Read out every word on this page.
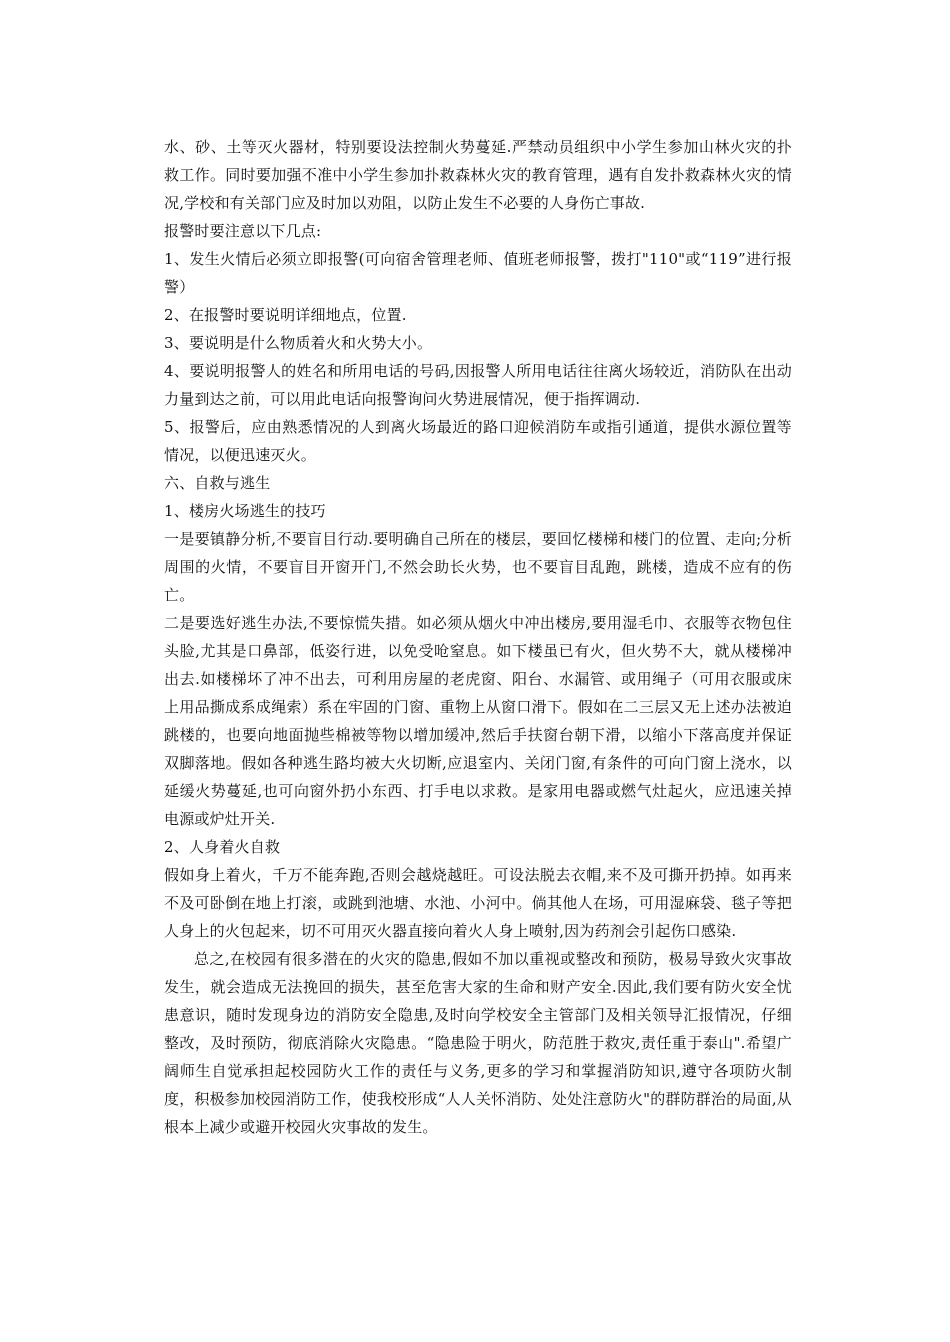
水、砂、土等灭火器材，特别要设法控制火势蔓延.严禁动员组织中小学生参加山林火灾的扑救工作。同时要加强不准中小学生参加扑救森林火灾的教育管理，遇有自发扑救森林火灾的情况,学校和有关部门应及时加以劝阻，以防止发生不必要的人身伤亡事故.

报警时要注意以下几点:

1、发生火情后必须立即报警(可向宿舍管理老师、值班老师报警，拨打"110"或“119”进行报警）

2、在报警时要说明详细地点，位置.

3、要说明是什么物质着火和火势大小。

4、要说明报警人的姓名和所用电话的号码,因报警人所用电话往往离火场较近，消防队在出动力量到达之前，可以用此电话向报警询问火势进展情况，便于指挥调动.

5、报警后，应由熟悉情况的人到离火场最近的路口迎候消防车或指引通道，提供水源位置等情况，以便迅速灭火。

六、自救与逃生

1、楼房火场逃生的技巧

一是要镇静分析,不要盲目行动.要明确自己所在的楼层，要回忆楼梯和楼门的位置、走向;分析周围的火情，不要盲目开窗开门,不然会助长火势，也不要盲目乱跑，跳楼，造成不应有的伤亡。

二是要选好逃生办法,不要惊慌失措。如必须从烟火中冲出楼房,要用湿毛巾、衣服等衣物包住头脸,尤其是口鼻部，低姿行进，以免受呛窒息。如下楼虽已有火，但火势不大，就从楼梯冲出去.如楼梯坏了冲不出去，可利用房屋的老虎窗、阳台、水漏管、或用绳子（可用衣服或床上用品撕成系成绳索）系在牢固的门窗、重物上从窗口滑下。假如在二三层又无上述办法被迫跳楼的，也要向地面抛些棉被等物以增加缓冲,然后手扶窗台朝下滑，以缩小下落高度并保证双脚落地。假如各种逃生路均被大火切断,应退室内、关闭门窗,有条件的可向门窗上浇水，以延缓火势蔓延,也可向窗外扔小东西、打手电以求救。是家用电器或燃气灶起火，应迅速关掉电源或炉灶开关.

2、人身着火自救

假如身上着火，千万不能奔跑,否则会越烧越旺。可设法脱去衣帽,来不及可撕开扔掉。如再来不及可卧倒在地上打滚，或跳到池塘、水池、小河中。倘其他人在场，可用湿麻袋、毯子等把人身上的火包起来，切不可用灭火器直接向着火人身上喷射,因为药剂会引起伤口感染.

总之,在校园有很多潜在的火灾的隐患,假如不加以重视或整改和预防，极易导致火灾事故发生，就会造成无法挽回的损失，甚至危害大家的生命和财产安全.因此,我们要有防火安全忧患意识，随时发现身边的消防安全隐患,及时向学校安全主管部门及相关领导汇报情况，仔细整改，及时预防，彻底消除火灾隐患。“隐患险于明火，防范胜于救灾,责任重于泰山".希望广阔师生自觉承担起校园防火工作的责任与义务,更多的学习和掌握消防知识,遵守各项防火制度，积极参加校园消防工作，使我校形成“人人关怀消防、处处注意防火"的群防群治的局面,从根本上减少或避开校园火灾事故的发生。
